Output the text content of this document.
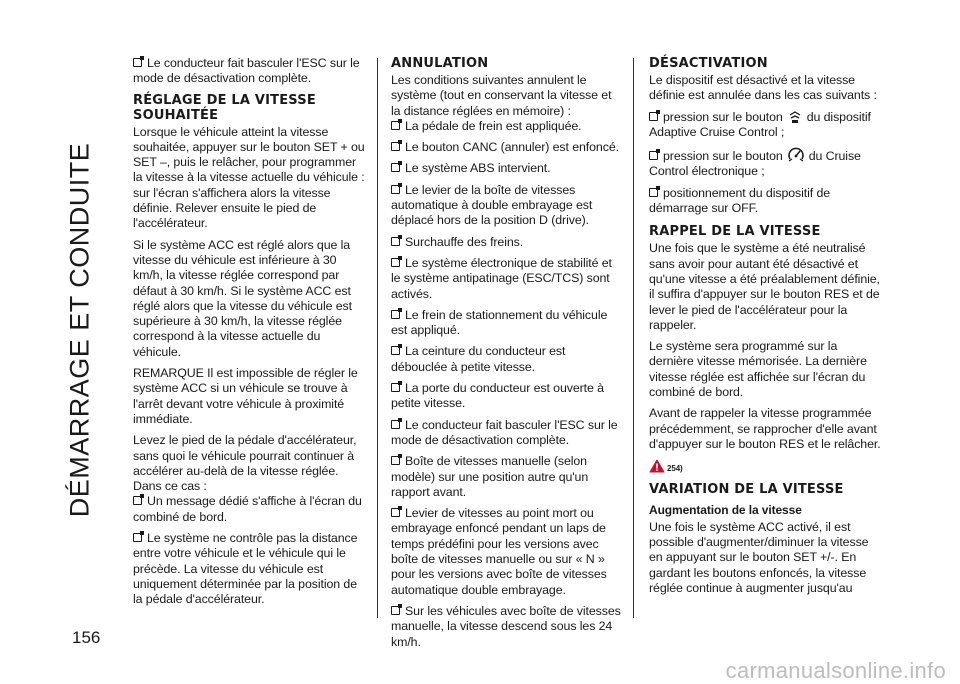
DÉMARRAGE ET CONDUITE
156

Le conducteur fait basculer l'ESC sur le mode de désactivation complète.

RÉGLAGE DE LA VITESSE SOUHAITÉE

Lorsque le véhicule atteint la vitesse souhaitée, appuyer sur le bouton SET + ou SET –, puis le relâcher, pour programmer la vitesse à la vitesse actuelle du véhicule : sur l'écran s'affichera alors la vitesse définie. Relever ensuite le pied de l'accélérateur.

Si le système ACC est réglé alors que la vitesse du véhicule est inférieure à 30 km/h, la vitesse réglée correspond par défaut à 30 km/h. Si le système ACC est réglé alors que la vitesse du véhicule est supérieure à 30 km/h, la vitesse réglée correspond à la vitesse actuelle du véhicule.

REMARQUE Il est impossible de régler le système ACC si un véhicule se trouve à l'arrêt devant votre véhicule à proximité immédiate.

Levez le pied de la pédale d'accélérateur, sans quoi le véhicule pourrait continuer à accélérer au-delà de la vitesse réglée. Dans ce cas :

Un message dédié s'affiche à l'écran du combiné de bord.

Le système ne contrôle pas la distance entre votre véhicule et le véhicule qui le précède. La vitesse du véhicule est uniquement déterminée par la position de la pédale d'accélérateur.

ANNULATION

Les conditions suivantes annulent le système (tout en conservant la vitesse et la distance réglées en mémoire) :

La pédale de frein est appliquée.

Le bouton CANC (annuler) est enfoncé.

Le système ABS intervient.

Le levier de la boîte de vitesses automatique à double embrayage est déplacé hors de la position D (drive).

Surchauffe des freins.

Le système électronique de stabilité et le système antipatinage (ESC/TCS) sont activés.

Le frein de stationnement du véhicule est appliqué.

La ceinture du conducteur est débouclée à petite vitesse.

La porte du conducteur est ouverte à petite vitesse.

Le conducteur fait basculer l'ESC sur le mode de désactivation complète.

Boîte de vitesses manuelle (selon modèle) sur une position autre qu'un rapport avant.

Levier de vitesses au point mort ou embrayage enfoncé pendant un laps de temps prédéfini pour les versions avec boîte de vitesses manuelle ou sur « N » pour les versions avec boîte de vitesses automatique double embrayage.

Sur les véhicules avec boîte de vitesses manuelle, la vitesse descend sous les 24 km/h.

DÉSACTIVATION

Le dispositif est désactivé et la vitesse définie est annulée dans les cas suivants :

pression sur le bouton du dispositif Adaptive Cruise Control ;

pression sur le bouton du Cruise Control électronique ;

positionnement du dispositif de démarrage sur OFF.

RAPPEL DE LA VITESSE

Une fois que le système a été neutralisé sans avoir pour autant été désactivé et qu'une vitesse a été préalablement définie, il suffira d'appuyer sur le bouton RES et de lever le pied de l'accélérateur pour la rappeler.

Le système sera programmé sur la dernière vitesse mémorisée. La dernière vitesse réglée est affichée sur l'écran du combiné de bord.

Avant de rappeler la vitesse programmée précédemment, se rapprocher d'elle avant d'appuyer sur le bouton RES et le relâcher.

254)
VARIATION DE LA VITESSE
Augmentation de la vitesse

Une fois le système ACC activé, il est possible d'augmenter/diminuer la vitesse en appuyant sur le bouton SET +/-. En gardant les boutons enfoncés, la vitesse réglée continue à augmenter jusqu'au

carmanualsonline.info
